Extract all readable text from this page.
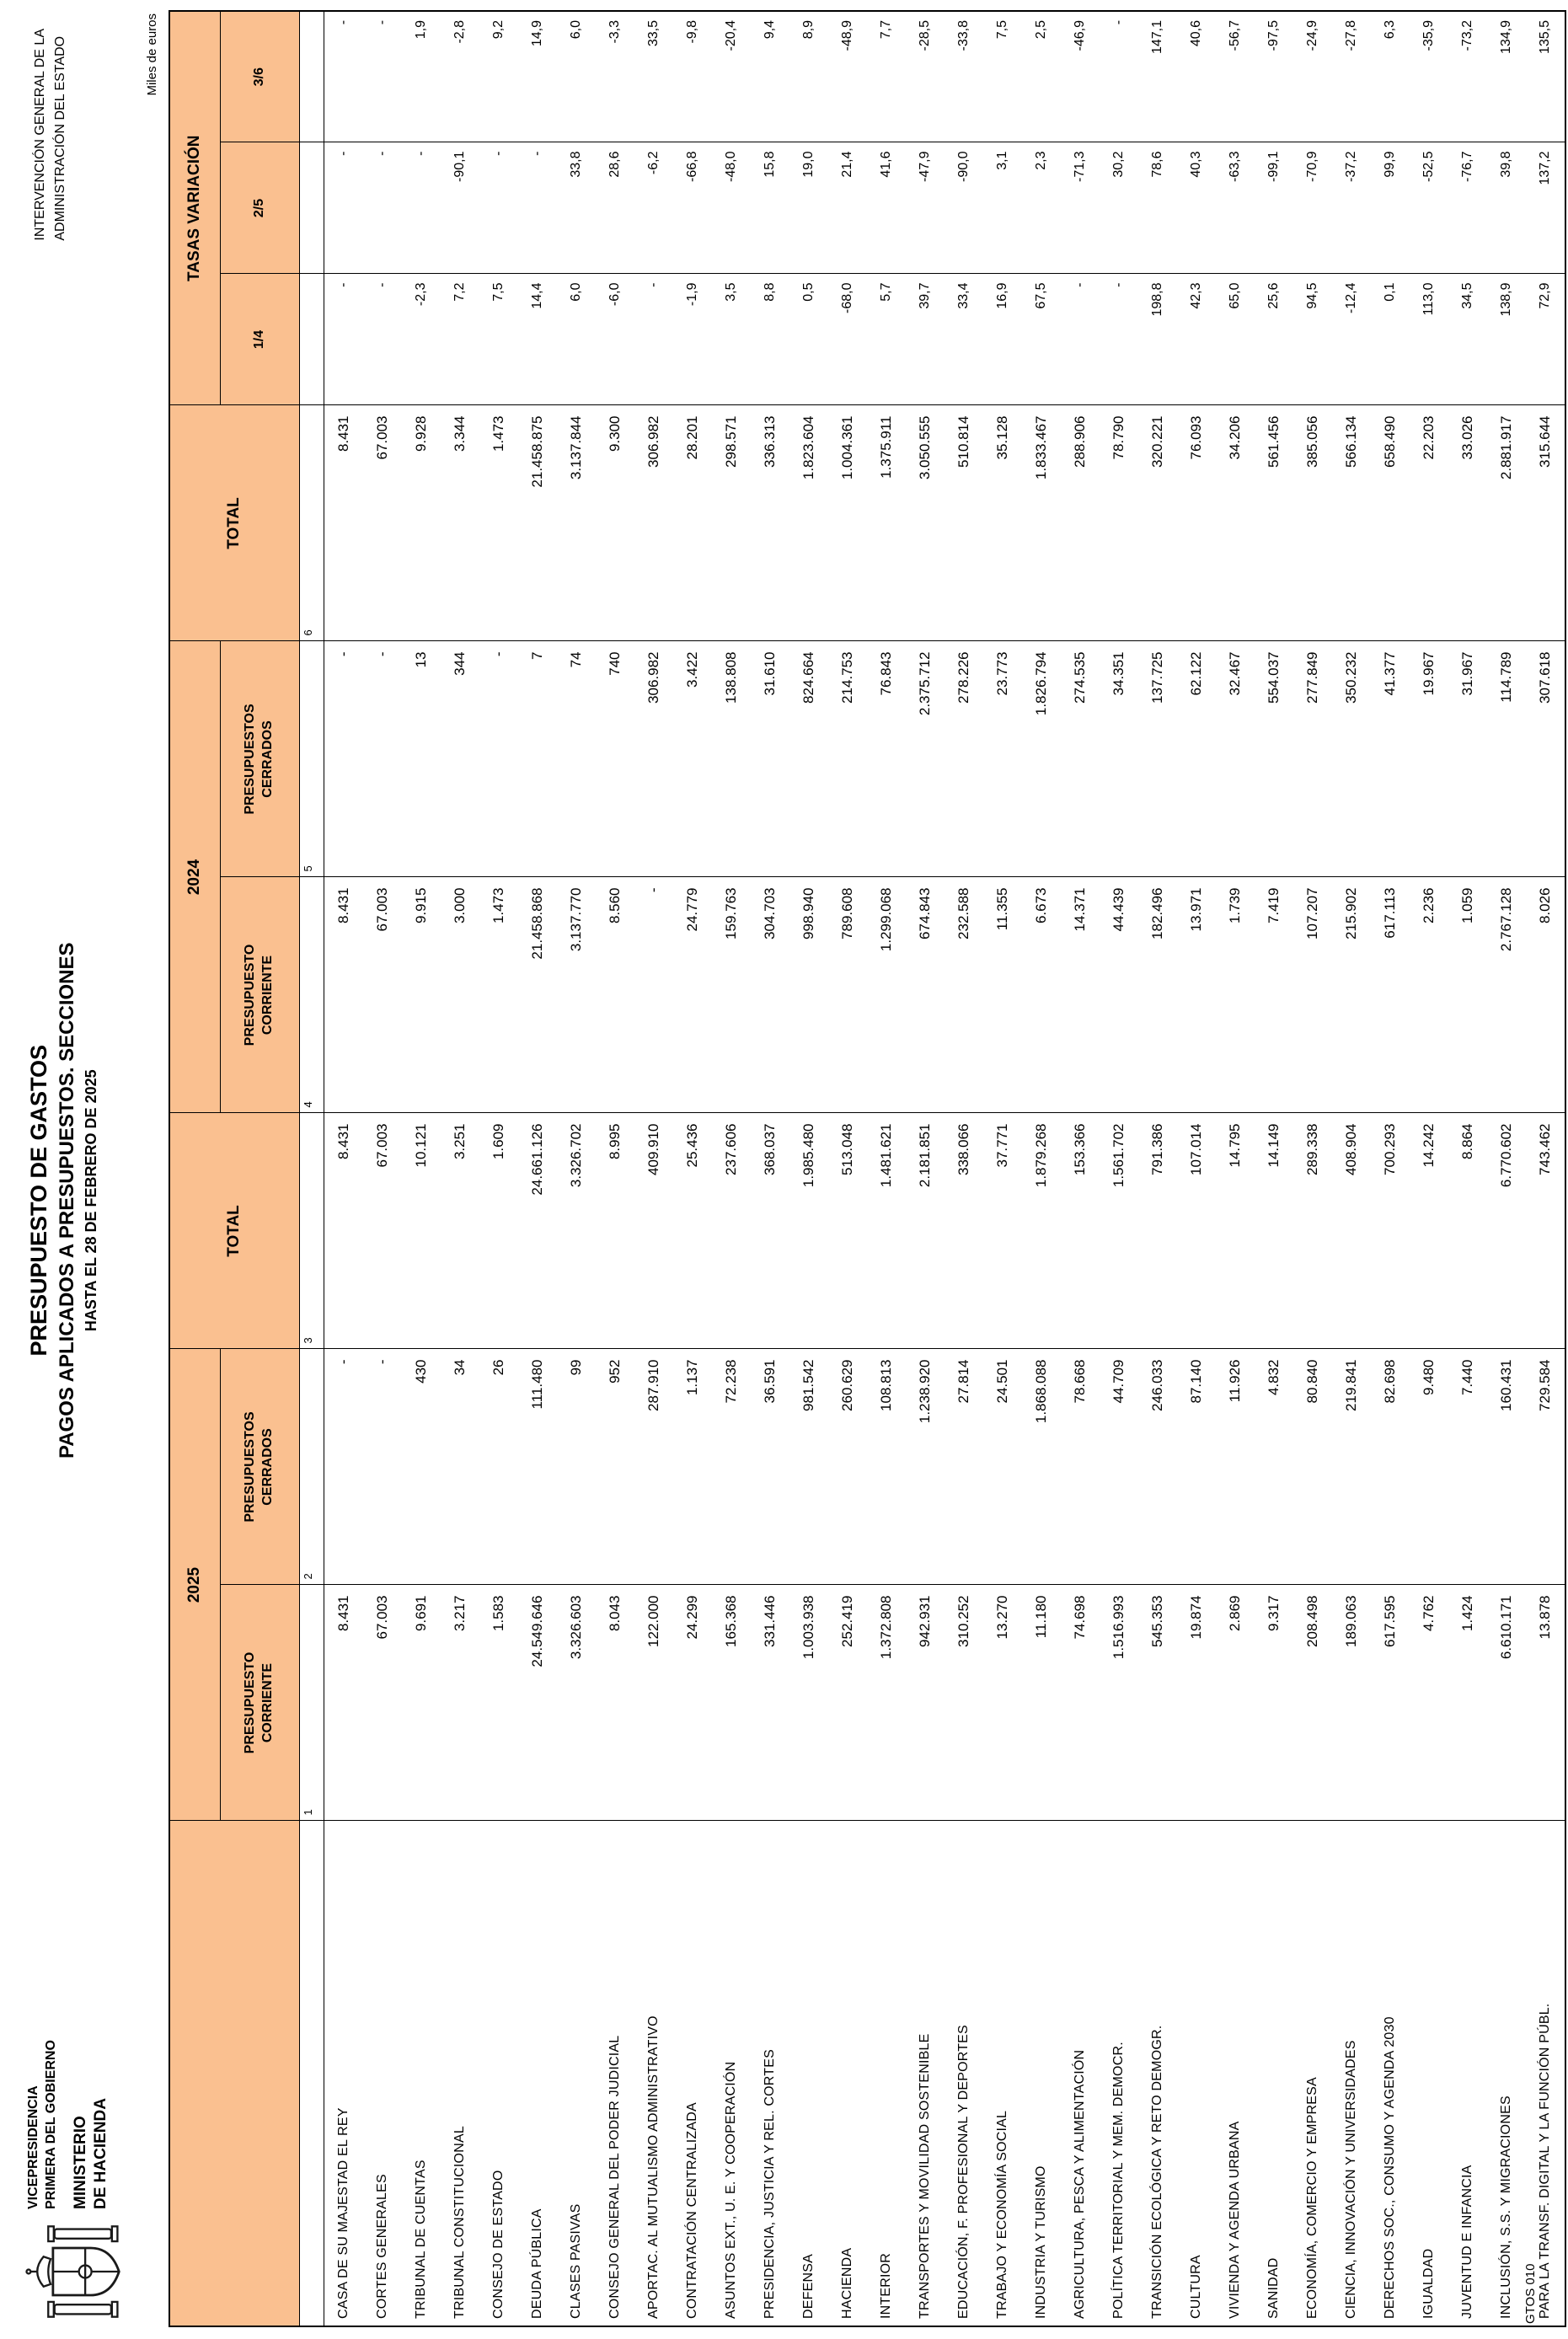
VICEPRESIDENCIA PRIMERA DEL GOBIERNO MINISTERIO DE HACIENDA
PRESUPUESTO DE GASTOS PAGOS APLICADOS A PRESUPUESTOS. SECCIONES HASTA EL 28 DE FEBRERO DE 2025
INTERVENCIÓN GENERAL DE LA ADMINISTRACIÓN DEL ESTADO	Miles de euros
	2025		TOTAL	2024		TOTAL	TASAS VARIACIÓN		
	PRESUPUESTO CORRIENTE	PRESUPUESTOS CERRADOS		PRESUPUESTO CORRIENTE	PRESUPUESTOS CERRADOS		1/4	2/5	3/6
	1	2	3	4	5	6			
CASA DE SU MAJESTAD EL REY	8.431	-	8.431	8.431	-	8.431	-	-	-
CORTES GENERALES	67.003	-	67.003	67.003	-	67.003	-	-	-
TRIBUNAL DE CUENTAS	9.691	430	10.121	9.915	13	9.928	-2,3	-	1,9
TRIBUNAL CONSTITUCIONAL	3.217	34	3.251	3.000	344	3.344	7,2	-90,1	-2,8
CONSEJO DE ESTADO	1.583	26	1.609	1.473	-	1.473	7,5	-	9,2
DEUDA PÚBLICA	24.549.646	111.480	24.661.126	21.458.868	7	21.458.875	14,4	-	14,9
CLASES PASIVAS	3.326.603	99	3.326.702	3.137.770	74	3.137.844	6,0	33,8	6,0
CONSEJO GENERAL DEL PODER JUDICIAL	8.043	952	8.995	8.560	740	9.300	-6,0	28,6	-3,3
APORTAC. AL MUTUALISMO ADMINISTRATIVO	122.000	287.910	409.910	-	306.982	306.982	-	-6,2	33,5
CONTRATACIÓN CENTRALIZADA	24.299	1.137	25.436	24.779	3.422	28.201	-1,9	-66,8	-9,8
ASUNTOS EXT., U. E. Y COOPERACIÓN	165.368	72.238	237.606	159.763	138.808	298.571	3,5	-48,0	-20,4
PRESIDENCIA, JUSTICIA Y REL. CORTES	331.446	36.591	368.037	304.703	31.610	336.313	8,8	15,8	9,4
DEFENSA	1.003.938	981.542	1.985.480	998.940	824.664	1.823.604	0,5	19,0	8,9
HACIENDA	252.419	260.629	513.048	789.608	214.753	1.004.361	-68,0	21,4	-48,9
INTERIOR	1.372.808	108.813	1.481.621	1.299.068	76.843	1.375.911	5,7	41,6	7,7
TRANSPORTES Y MOVILIDAD SOSTENIBLE	942.931	1.238.920	2.181.851	674.843	2.375.712	3.050.555	39,7	-47,9	-28,5
EDUCACIÓN, F. PROFESIONAL Y DEPORTES	310.252	27.814	338.066	232.588	278.226	510.814	33,4	-90,0	-33,8
TRABAJO Y ECONOMÍA SOCIAL	13.270	24.501	37.771	11.355	23.773	35.128	16,9	3,1	7,5
INDUSTRIA Y TURISMO	11.180	1.868.088	1.879.268	6.673	1.826.794	1.833.467	67,5	2,3	2,5
AGRICULTURA, PESCA Y ALIMENTACIÓN	74.698	78.668	153.366	14.371	274.535	288.906	-	-71,3	-46,9
POLÍTICA TERRITORIAL Y MEM. DEMOCR.	1.516.993	44.709	1.561.702	44.439	34.351	78.790	-	30,2	-
TRANSICIÓN ECOLÓGICA Y RETO DEMOGR.	545.353	246.033	791.386	182.496	137.725	320.221	198,8	78,6	147,1
CULTURA	19.874	87.140	107.014	13.971	62.122	76.093	42,3	40,3	40,6
VIVIENDA Y AGENDA URBANA	2.869	11.926	14.795	1.739	32.467	34.206	65,0	-63,3	-56,7
SANIDAD	9.317	4.832	14.149	7.419	554.037	561.456	25,6	-99,1	-97,5
ECONOMÍA, COMERCIO Y EMPRESA	208.498	80.840	289.338	107.207	277.849	385.056	94,5	-70,9	-24,9
CIENCIA, INNOVACIÓN Y UNIVERSIDADES	189.063	219.841	408.904	215.902	350.232	566.134	-12,4	-37,2	-27,8
DERECHOS SOC., CONSUMO Y AGENDA 2030	617.595	82.698	700.293	617.113	41.377	658.490	0,1	99,9	6,3
IGUALDAD	4.762	9.480	14.242	2.236	19.967	22.203	113,0	-52,5	-35,9
JUVENTUD E INFANCIA	1.424	7.440	8.864	1.059	31.967	33.026	34,5	-76,7	-73,2
INCLUSIÓN, S.S. Y MIGRACIONES	6.610.171	160.431	6.770.602	2.767.128	114.789	2.881.917	138,9	39,8	134,9
PARA LA TRANSF. DIGITAL Y LA FUNCIÓN PÚBL.	13.878	729.584	743.462	8.026	307.618	315.644	72,9	137,2	135,5
GTOS 010
